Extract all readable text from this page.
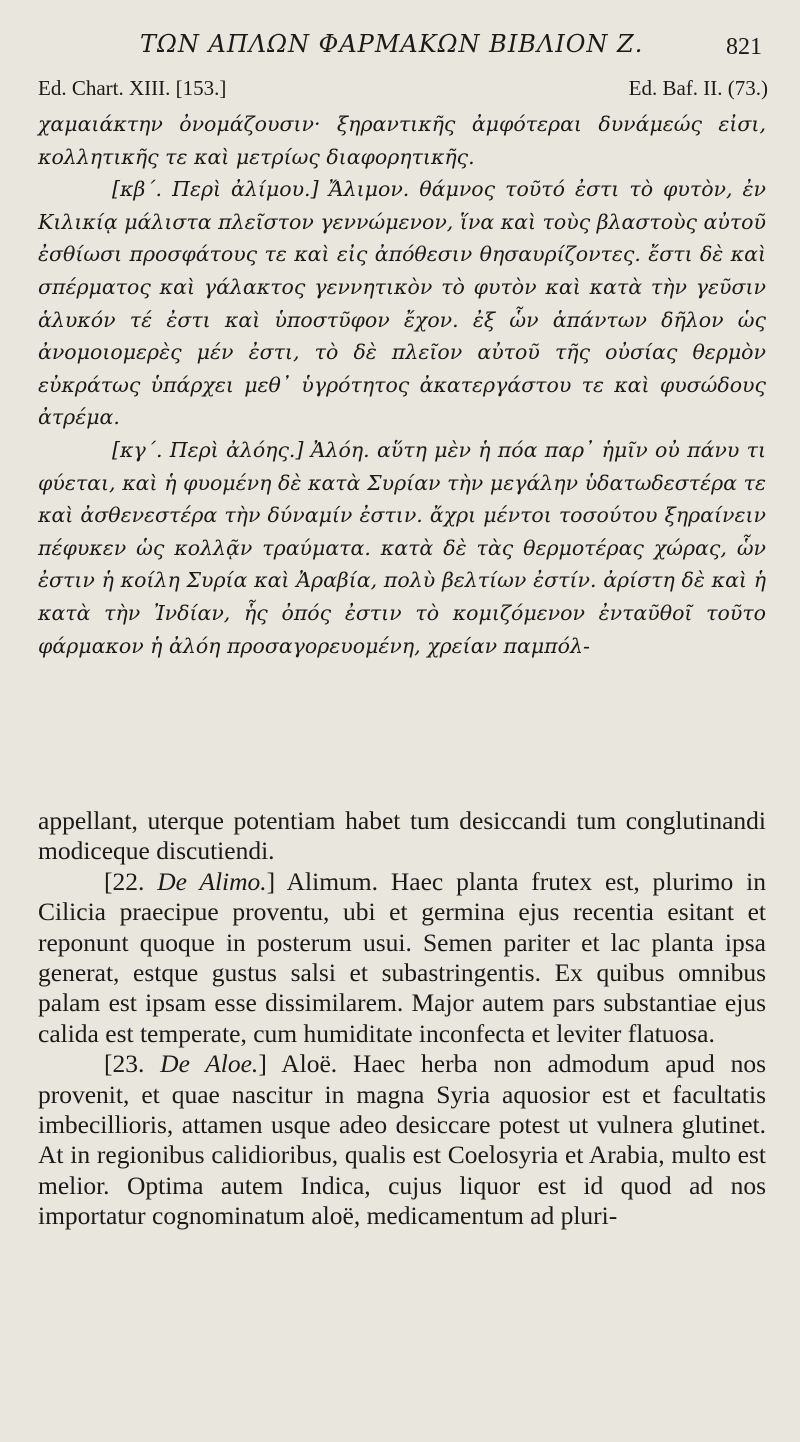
ΤΩΝ ΑΠΛΩΝ ΦΑΡΜΑΚΩΝ ΒΙΒΛΙΟΝ Ζ.	821
Ed. Chart. XIII. [153.]	Ed. Baf. II. (73.)

χαμαιάκτην ὀνομάζουσιν· ξηραντικῆς ἀμφότεραι δυνάμεώς εἰσι, κολλητικῆς τε καὶ μετρίως διαφορητικῆς.

[κβ΄. Περὶ ἀλίμου.] Ἄλιμον. θάμνος τοῦτό ἐστι τὸ φυτὸν, ἐν Κιλικίᾳ μάλιστα πλεῖστον γεννώμενον, ἵνα καὶ τοὺς βλαστοὺς αὐτοῦ ἐσθίωσι προσφάτους τε καὶ εἰς ἀπόθεσιν θησαυρίζοντες. ἔστι δὲ καὶ σπέρματος καὶ γάλακτος γεννητικὸν τὸ φυτὸν καὶ κατὰ τὴν γεῦσιν ἁλυκόν τέ ἐστι καὶ ὑποστῦφον ἔχον. ἐξ ὧν ἁπάντων δῆλον ὡς ἀνομοιομερὲς μέν ἐστι, τὸ δὲ πλεῖον αὐτοῦ τῆς οὐσίας θερμὸν εὐκράτως ὑπάρχει μεθ᾽ ὑγρότητος ἀκατεργάστου τε καὶ φυσώδους ἀτρέμα.

[κγ΄. Περὶ ἀλόης.] Ἀλόη. αὕτη μὲν ἡ πόα παρ᾽ ἡμῖν οὐ πάνυ τι φύεται, καὶ ἡ φυομένη δὲ κατὰ Συρίαν τὴν μεγάλην ὑδατωδεστέρα τε καὶ ἀσθενεστέρα τὴν δύναμίν ἐστιν. ἄχρι μέντοι τοσούτου ξηραίνειν πέφυκεν ὡς κολλᾷν τραύματα. κατὰ δὲ τὰς θερμοτέρας χώρας, ὧν ἐστιν ἡ κοίλη Συρία καὶ Ἀραβία, πολὺ βελτίων ἐστίν. ἀρίστη δὲ καὶ ἡ κατὰ τὴν Ἰνδίαν, ἧς ὀπός ἐστιν τὸ κομιζόμενον ἐνταῦθοῖ τοῦτο φάρμακον ἡ ἀλόη προσαγορευομένη, χρείαν παμπόλ-

appellant, uterque potentiam habet tum desiccandi tum conglutinandi modiceque discutiendi.

[22. De Alimo.] Alimum. Haec planta frutex est, plurimo in Cilicia praecipue proventu, ubi et germina ejus recentia esitant et reponunt quoque in posterum usui. Semen pariter et lac planta ipsa generat, estque gustus salsi et subastringentis. Ex quibus omnibus palam est ipsam esse dissimilarem. Major autem pars substantiae ejus calida est temperate, cum humiditate inconfecta et leviter flatuosa.

[23. De Aloe.] Aloë. Haec herba non admodum apud nos provenit, et quae nascitur in magna Syria aquosior est et facultatis imbecillioris, attamen usque adeo desiccare potest ut vulnera glutinet. At in regionibus calidioribus, qualis est Coelosyria et Arabia, multo est melior. Optima autem Indica, cujus liquor est id quod ad nos importatur cognominatum aloë, medicamentum ad pluri-
